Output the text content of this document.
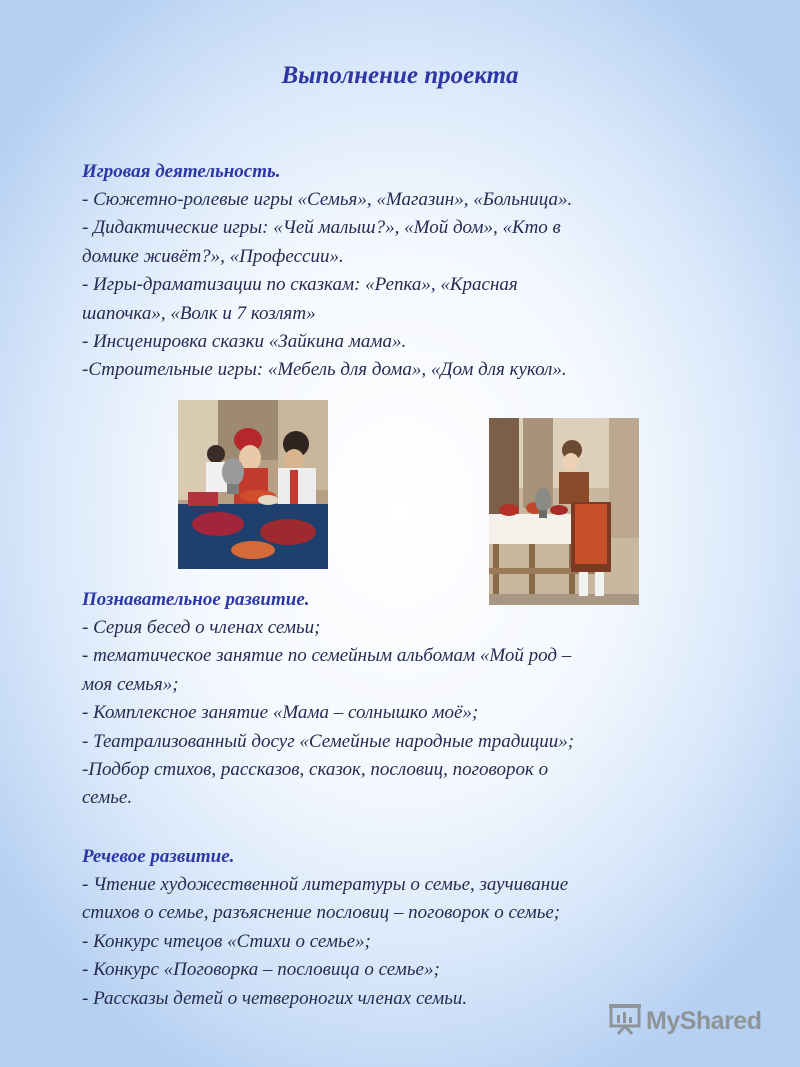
Выполнение проекта
Игровая деятельность.
- Сюжетно-ролевые игры «Семья», «Магазин», «Больница».
- Дидактические игры: «Чей малыш?», «Мой дом», «Кто в
домике живёт?», «Профессии».
- Игры-драматизации по сказкам: «Репка», «Красная
шапочка», «Волк и 7 козлят»
- Инсценировка сказки «Зайкина мама».
-Строительные игры: «Мебель для дома», «Дом для кукол».
Познавательное развитие.
- Серия бесед о членах семьи;
- тематическое занятие по семейным альбомам «Мой род –
моя семья»;
- Комплексное занятие «Мама – солнышко моё»;
- Театрализованный досуг «Семейные народные традиции»;
-Подбор стихов, рассказов, сказок, пословиц, поговорок о
семье.
Речевое развитие.
- Чтение художественной литературы о семье, заучивание
стихов о семье, разъяснение пословиц – поговорок о семье;
- Конкурс чтецов «Стихи о семье»;
- Конкурс «Поговорка – пословица о семье»;
- Рассказы детей о четвероногих членах семьи.
MyShared
